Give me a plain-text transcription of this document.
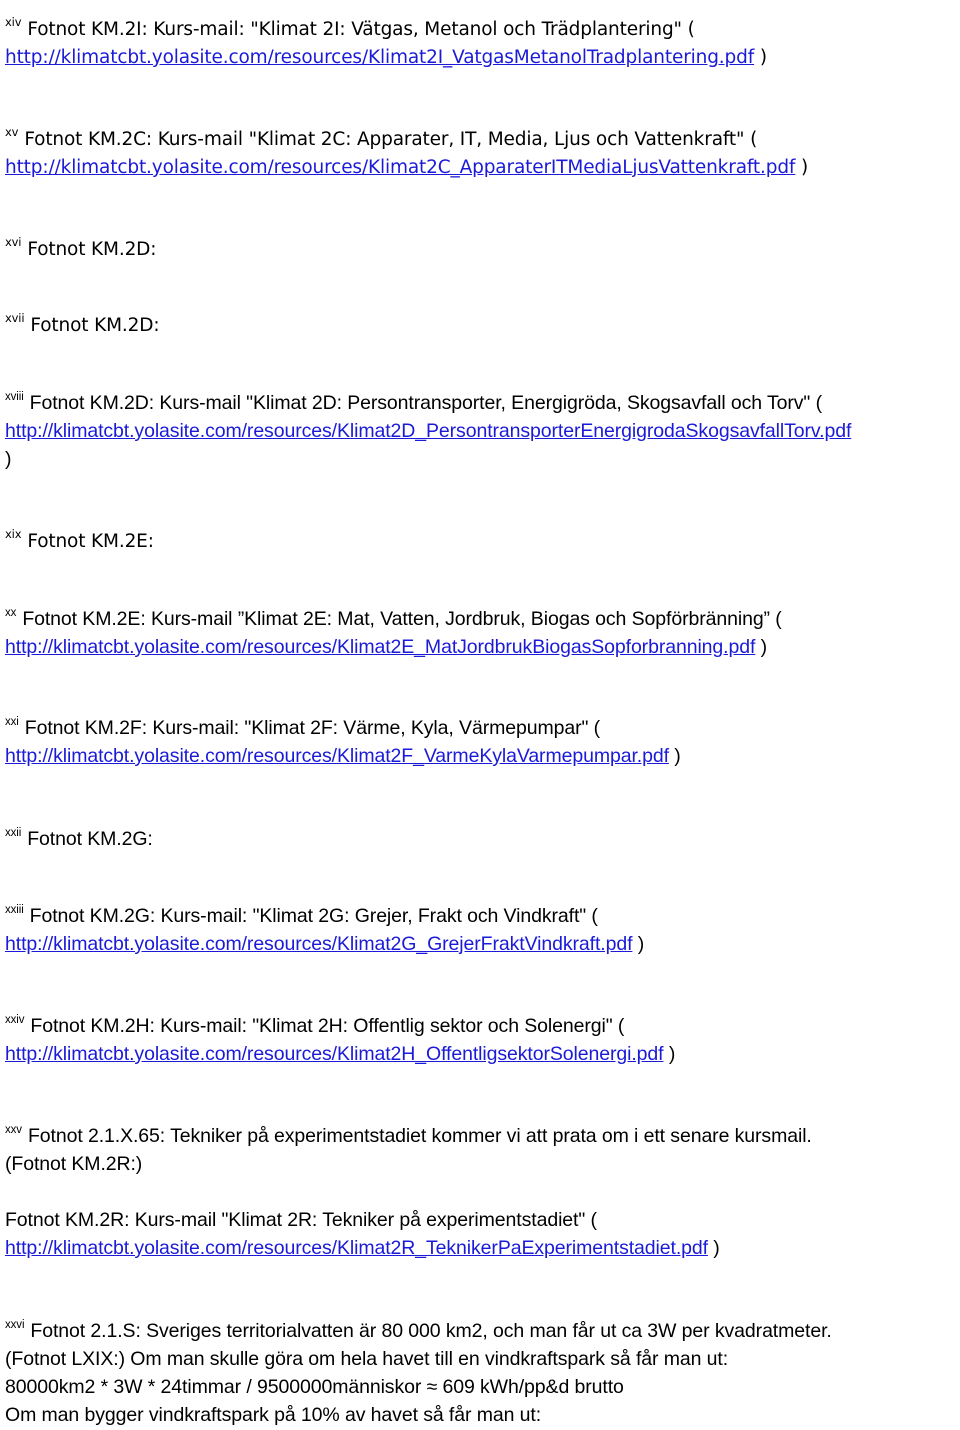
$^{xiv}$ Fotnot KM.2I: Kurs-mail: "Klimat 2I: Vätgas, Metanol och Trädplantering" (
http://klimatcbt.yolasite.com/resources/Klimat2I_VatgasMetanolTradplantering.pdf )
$^{xv}$ Fotnot KM.2C: Kurs-mail "Klimat 2C: Apparater, IT, Media, Ljus och Vattenkraft" (
http://klimatcbt.yolasite.com/resources/Klimat2C_ApparaterITMediaLjusVattenkraft.pdf )
$^{xvi}$ Fotnot KM.2D:
$^{xvii}$ Fotnot KM.2D:
$^{xviii}$ Fotnot KM.2D: Kurs-mail "Klimat 2D: Persontransporter, Energigröda, Skogsavfall och Torv" (
http://klimatcbt.yolasite.com/resources/Klimat2D_PersontransporterEnergigrodaSkogsavfallTorv.pdf
)
$^{xix}$ Fotnot KM.2E:
$^{xx}$ Fotnot KM.2E: Kurs-mail ”Klimat 2E: Mat, Vatten, Jordbruk, Biogas och Sopförbränning” (
http://klimatcbt.yolasite.com/resources/Klimat2E_MatJordbrukBiogasSopforbranning.pdf )
$^{xxi}$ Fotnot KM.2F: Kurs-mail: "Klimat 2F: Värme, Kyla, Värmepumpar" (
http://klimatcbt.yolasite.com/resources/Klimat2F_VarmeKylaVarmepumpar.pdf )
$^{xxii}$ Fotnot KM.2G:
$^{xxiii}$ Fotnot KM.2G: Kurs-mail: "Klimat 2G: Grejer, Frakt och Vindkraft" (
http://klimatcbt.yolasite.com/resources/Klimat2G_GrejerFraktVindkraft.pdf )
$^{xxiv}$ Fotnot KM.2H: Kurs-mail: "Klimat 2H: Offentlig sektor och Solenergi" (
http://klimatcbt.yolasite.com/resources/Klimat2H_OffentligsektorSolenergi.pdf )
$^{xxv}$ Fotnot 2.1.X.65: Tekniker på experimentstadiet kommer vi att prata om i ett senare kursmail.
(Fotnot KM.2R:)
Fotnot KM.2R: Kurs-mail "Klimat 2R: Tekniker på experimentstadiet" (
http://klimatcbt.yolasite.com/resources/Klimat2R_TeknikerPaExperimentstadiet.pdf )
$^{xxvi}$ Fotnot 2.1.S: Sveriges territorialvatten är 80 000 km2, och man får ut ca 3W per kvadratmeter.
(Fotnot LXIX:) Om man skulle göra om hela havet till en vindkraftspark så får man ut:
80000km2 * 3W * 24timmar / 9500000människor ≈ 609 kWh/pp&d brutto
Om man bygger vindkraftspark på 10% av havet så får man ut:
